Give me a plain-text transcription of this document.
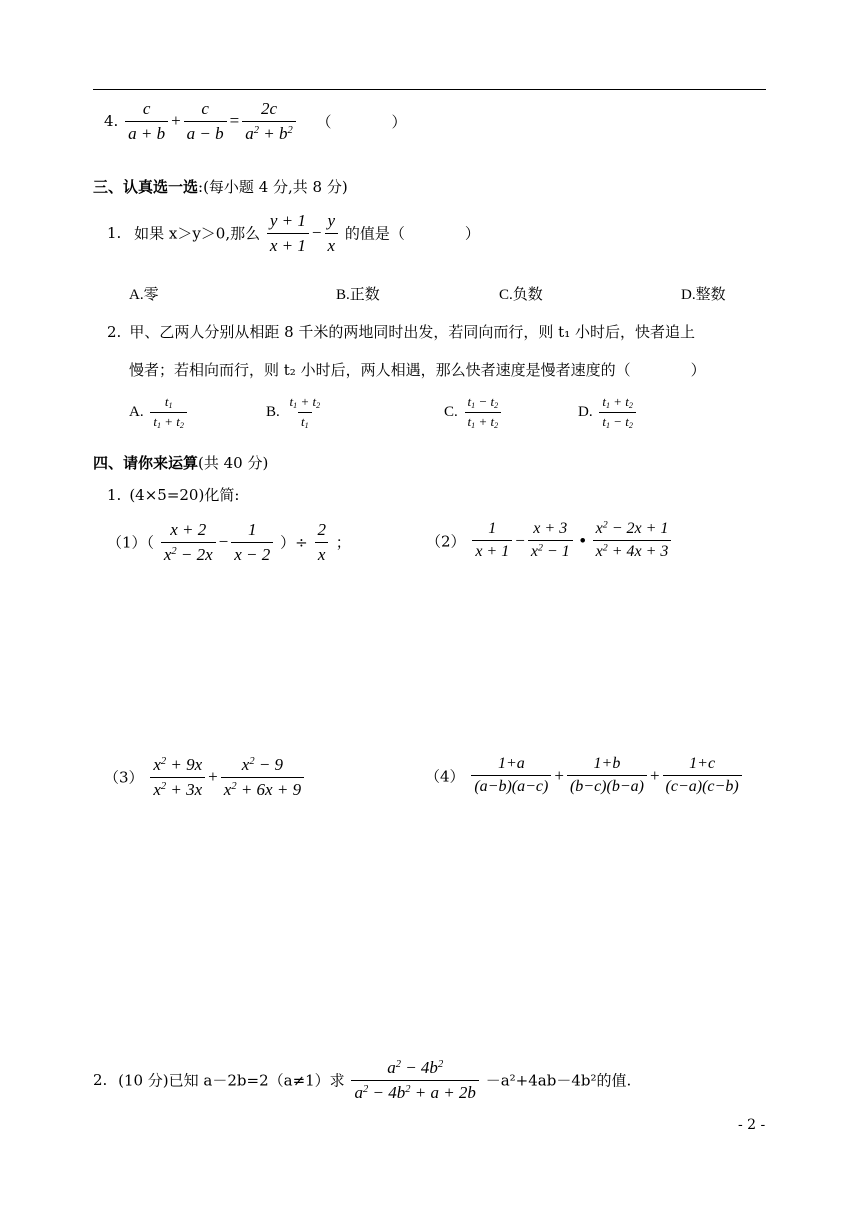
4. $\frac{c}{a + b} + \frac{c}{a - b} = \frac{2c}{a^2 + b^2}$ （　　　　）
三、认真选一选:(每小题 4 分,共 8 分)
1. 如果 x＞y＞0,那么 $\frac{y + 1}{x + 1} - \frac{y}{x}$ 的值是（　　　　）
A.零	B.正数	C.负数	D.整数
2. 甲、乙两人分别从相距 8 千米的两地同时出发，若同向而行，则 t₁ 小时后，快者追上
慢者；若相向而行，则 t₂ 小时后，两人相遇，那么快者速度是慢者速度的（　　　　）
A. $\frac{t_1}{t_1 + t_2}$	B. $\frac{t_1 + t_2}{t_1}$	C. $\frac{t_1 - t_2}{t_1 + t_2}$	D. $\frac{t_1 + t_2}{t_1 - t_2}$
四、请你来运算(共 40 分)
1. (4×5=20)化简:
$(1)( \frac{x + 2}{x^2 - 2x} - \frac{1}{x - 2}$ ）÷ $\frac{2}{x}$ ；	$(2) \frac{1}{x + 1} - \frac{x + 3}{x^2 - 1}$ • $\frac{x^2 - 2x + 1}{x^2 + 4x + 3}$
$(3) \frac{x^2 + 9x}{x^2 + 3x} + \frac{x^2 - 9}{x^2 + 6x + 9}$	$(4) \frac{1+a}{(a-b)(a-c)} + \frac{1+b}{(b-c)(b-a)} + \frac{1+c}{(c-a)(c-b)}$
2. (10 分)已知 a－2b=2（a≠1）求 $\frac{a^2 - 4b^2}{a^2 - 4b^2 + a + 2b} -a^2+4ab-4b^2$的值.
- 2 -
